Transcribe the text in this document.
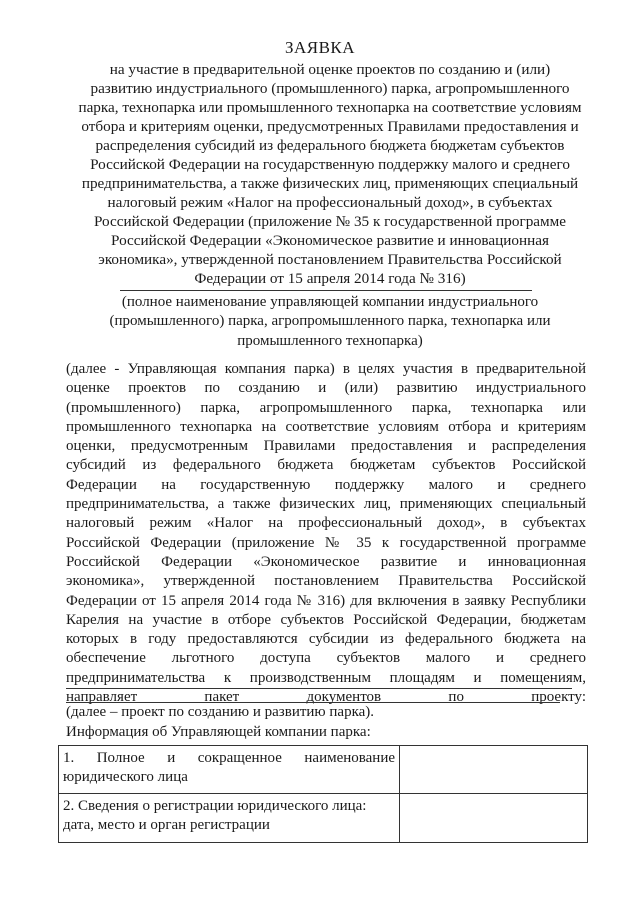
ЗАЯВКА
на участие в предварительной оценке проектов по созданию и (или)
развитию индустриального (промышленного) парка, агропромышленного
парка, технопарка или промышленного технопарка на соответствие условиям
отбора и критериям оценки, предусмотренных Правилами предоставления и
распределения субсидий из федерального бюджета бюджетам субъектов
Российской Федерации на государственную поддержку малого и среднего
предпринимательства, а также физических лиц, применяющих специальный
налоговый режим «Налог на профессиональный доход», в субъектах
Российской Федерации (приложение № 35 к государственной программе
Российской Федерации «Экономическое развитие и инновационная
экономика», утвержденной постановлением Правительства Российской
Федерации от 15 апреля 2014 года № 316)
(полное наименование управляющей компании индустриального
(промышленного) парка, агропромышленного парка, технопарка или
промышленного технопарка)
(далее - Управляющая компания парка) в целях участия в предварительной
оценке проектов по созданию и (или) развитию индустриального
(промышленного) парка, агропромышленного парка, технопарка или
промышленного технопарка на соответствие условиям отбора и критериям
оценки, предусмотренным Правилами предоставления и распределения
субсидий из федерального бюджета бюджетам субъектов Российской
Федерации на государственную поддержку малого и среднего
предпринимательства, а также физических лиц, применяющих специальный
налоговый режим «Налог на профессиональный доход», в субъектах
Российской Федерации (приложение № 35 к государственной программе
Российской Федерации «Экономическое развитие и инновационная
экономика», утвержденной постановлением Правительства Российской
Федерации от 15 апреля 2014 года № 316) для включения в заявку Республики
Карелия на участие в отборе субъектов Российской Федерации, бюджетам
которых в году предоставляются субсидии из федерального бюджета на
обеспечение льготного доступа субъектов малого и среднего
предпринимательства к производственным площадям и помещениям,
направляет пакет документов по проекту:
(далее – проект по созданию и развитию парка).
Информация об Управляющей компании парка:
1. Полное и сокращенное наименование
юридического лица	

2. Сведения о регистрации юридического лица:
дата, место и орган регистрации	
